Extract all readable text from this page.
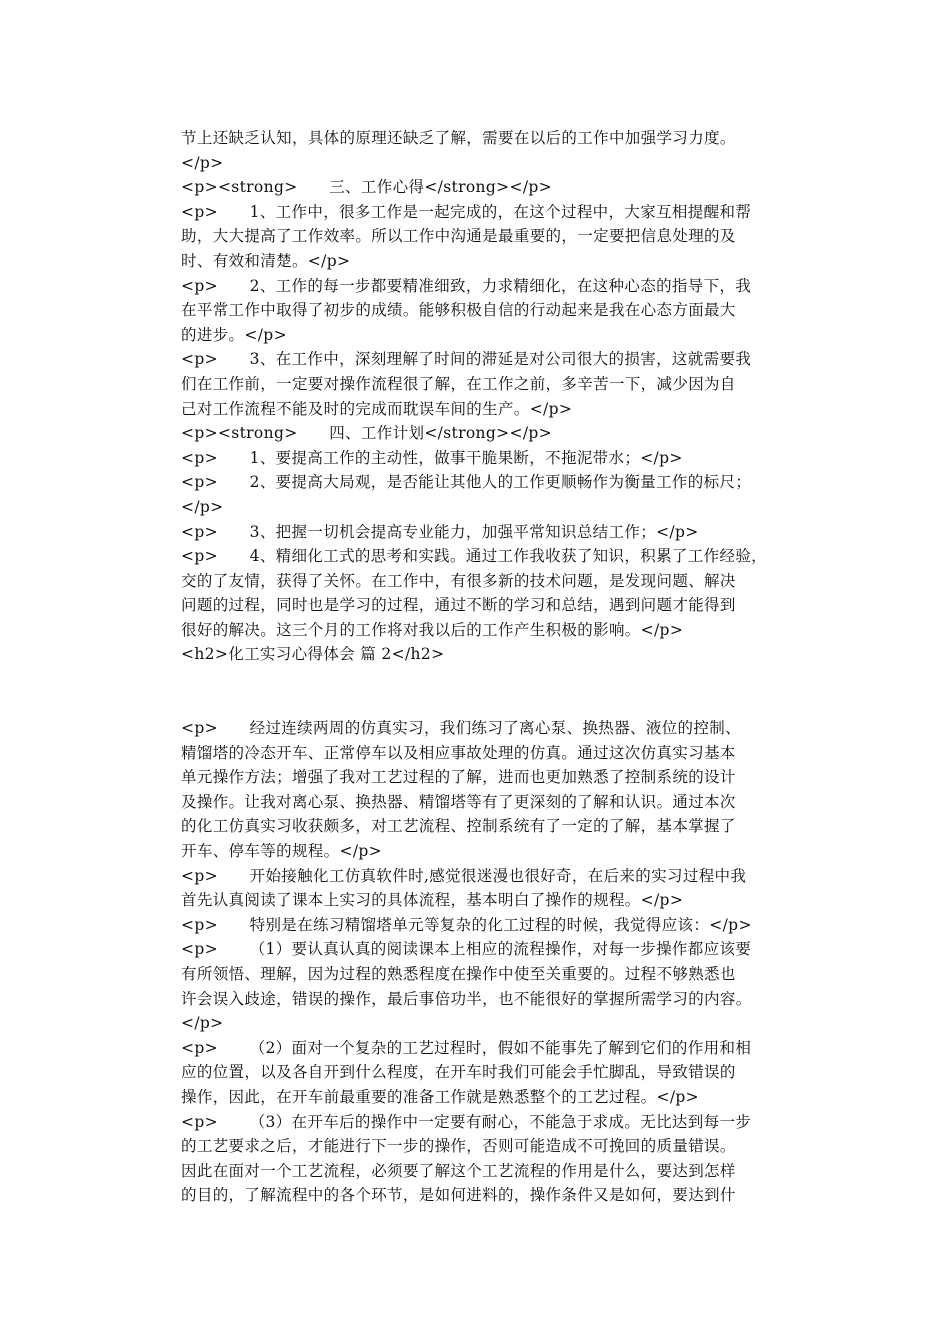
节上还缺乏认知，具体的原理还缺乏了解，需要在以后的工作中加强学习力度。
</p>
<p><strong>      三、工作心得</strong></p>
<p>      1、工作中，很多工作是一起完成的，在这个过程中，大家互相提醒和帮
助，大大提高了工作效率。所以工作中沟通是最重要的，一定要把信息处理的及
时、有效和清楚。</p>
<p>      2、工作的每一步都要精准细致，力求精细化，在这种心态的指导下，我
在平常工作中取得了初步的成绩。能够积极自信的行动起来是我在心态方面最大
的进步。</p>
<p>      3、在工作中，深刻理解了时间的滞延是对公司很大的损害，这就需要我
们在工作前，一定要对操作流程很了解，在工作之前，多辛苦一下，减少因为自
己对工作流程不能及时的完成而耽误车间的生产。</p>
<p><strong>      四、工作计划</strong></p>
<p>      1、要提高工作的主动性，做事干脆果断，不拖泥带水；</p>
<p>      2、要提高大局观，是否能让其他人的工作更顺畅作为衡量工作的标尺；
</p>
<p>      3、把握一切机会提高专业能力，加强平常知识总结工作；</p>
<p>      4、精细化工式的思考和实践。通过工作我收获了知识，积累了工作经验，
交的了友情，获得了关怀。在工作中，有很多新的技术问题，是发现问题、解决
问题的过程，同时也是学习的过程，通过不断的学习和总结，遇到问题才能得到
很好的解决。这三个月的工作将对我以后的工作产生积极的影响。</p>
<h2>化工实习心得体会 篇 2</h2>
<p>      经过连续两周的仿真实习，我们练习了离心泵、换热器、液位的控制、
精馏塔的冷态开车、正常停车以及相应事故处理的仿真。通过这次仿真实习基本
单元操作方法；增强了我对工艺过程的了解，进而也更加熟悉了控制系统的设计
及操作。让我对离心泵、换热器、精馏塔等有了更深刻的了解和认识。通过本次
的化工仿真实习收获颇多，对工艺流程、控制系统有了一定的了解，基本掌握了
开车、停车等的规程。</p>
<p>      开始接触化工仿真软件时,感觉很迷漫也很好奇，在后来的实习过程中我
首先认真阅读了课本上实习的具体流程，基本明白了操作的规程。</p>
<p>      特别是在练习精馏塔单元等复杂的化工过程的时候，我觉得应该：</p>
<p>      （1）要认真认真的阅读课本上相应的流程操作，对每一步操作都应该要
有所领悟、理解，因为过程的熟悉程度在操作中使至关重要的。过程不够熟悉也
许会误入歧途，错误的操作，最后事倍功半，也不能很好的掌握所需学习的内容。
</p>
<p>      （2）面对一个复杂的工艺过程时，假如不能事先了解到它们的作用和相
应的位置，以及各自开到什么程度，在开车时我们可能会手忙脚乱，导致错误的
操作，因此，在开车前最重要的准备工作就是熟悉整个的工艺过程。</p>
<p>      （3）在开车后的操作中一定要有耐心，不能急于求成。无比达到每一步
的工艺要求之后，才能进行下一步的操作，否则可能造成不可挽回的质量错误。
因此在面对一个工艺流程，必须要了解这个工艺流程的作用是什么，要达到怎样
的目的，了解流程中的各个环节，是如何进料的，操作条件又是如何，要达到什
